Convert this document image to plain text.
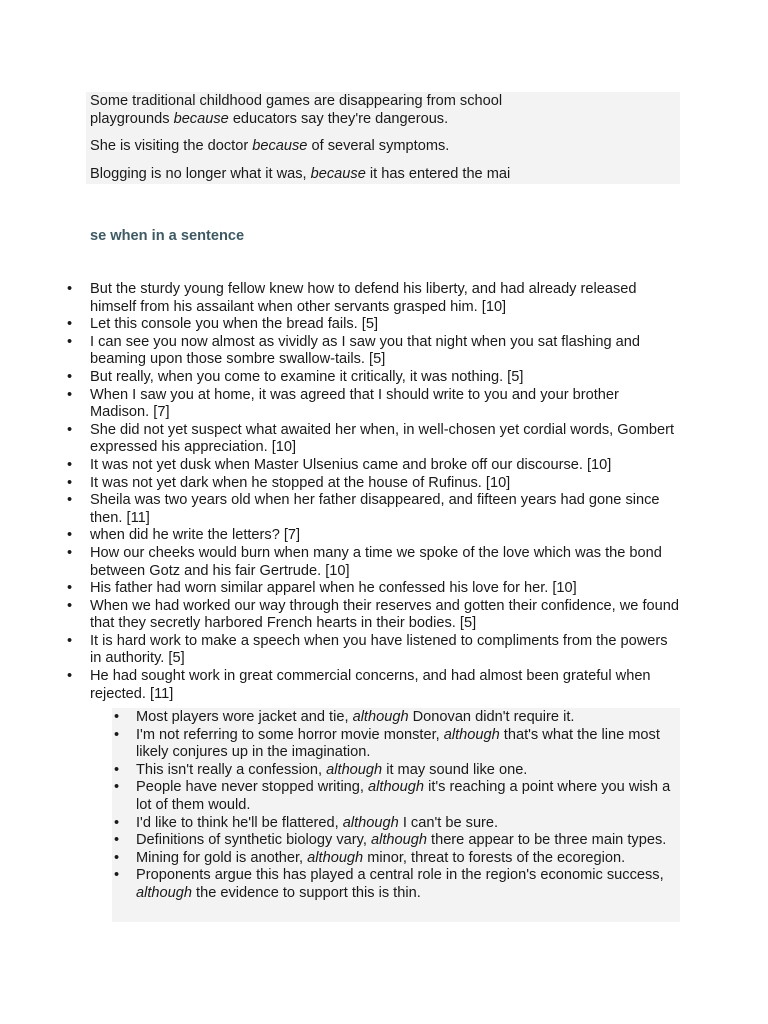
Some traditional childhood games are disappearing from school playgrounds because educators say they're dangerous.

She is visiting the doctor because of several symptoms.

Blogging is no longer what it was, because it has entered the mai

se when in a sentence
• But the sturdy young fellow knew how to defend his liberty, and had already released himself from his assailant when other servants grasped him. [10]
• Let this console you when the bread fails. [5]
• I can see you now almost as vividly as I saw you that night when you sat flashing and beaming upon those sombre swallow-tails. [5]
• But really, when you come to examine it critically, it was nothing. [5]
• When I saw you at home, it was agreed that I should write to you and your brother Madison. [7]
• She did not yet suspect what awaited her when, in well-chosen yet cordial words, Gombert expressed his appreciation. [10]
• It was not yet dusk when Master Ulsenius came and broke off our discourse. [10]
• It was not yet dark when he stopped at the house of Rufinus. [10]
• Sheila was two years old when her father disappeared, and fifteen years had gone since then. [11]
• when did he write the letters? [7]
• How our cheeks would burn when many a time we spoke of the love which was the bond between Gotz and his fair Gertrude. [10]
• His father had worn similar apparel when he confessed his love for her. [10]
• When we had worked our way through their reserves and gotten their confidence, we found that they secretly harbored French hearts in their bodies. [5]
• It is hard work to make a speech when you have listened to compliments from the powers in authority. [5]
• He had sought work in great commercial concerns, and had almost been grateful when rejected. [11]
• Most players wore jacket and tie, although Donovan didn't require it.
• I'm not referring to some horror movie monster, although that's what the line most likely conjures up in the imagination.
• This isn't really a confession, although it may sound like one.
• People have never stopped writing, although it's reaching a point where you wish a lot of them would.
• I'd like to think he'll be flattered, although I can't be sure.
• Definitions of synthetic biology vary, although there appear to be three main types.
• Mining for gold is another, although minor, threat to forests of the ecoregion.
• Proponents argue this has played a central role in the region's economic success, although the evidence to support this is thin.
